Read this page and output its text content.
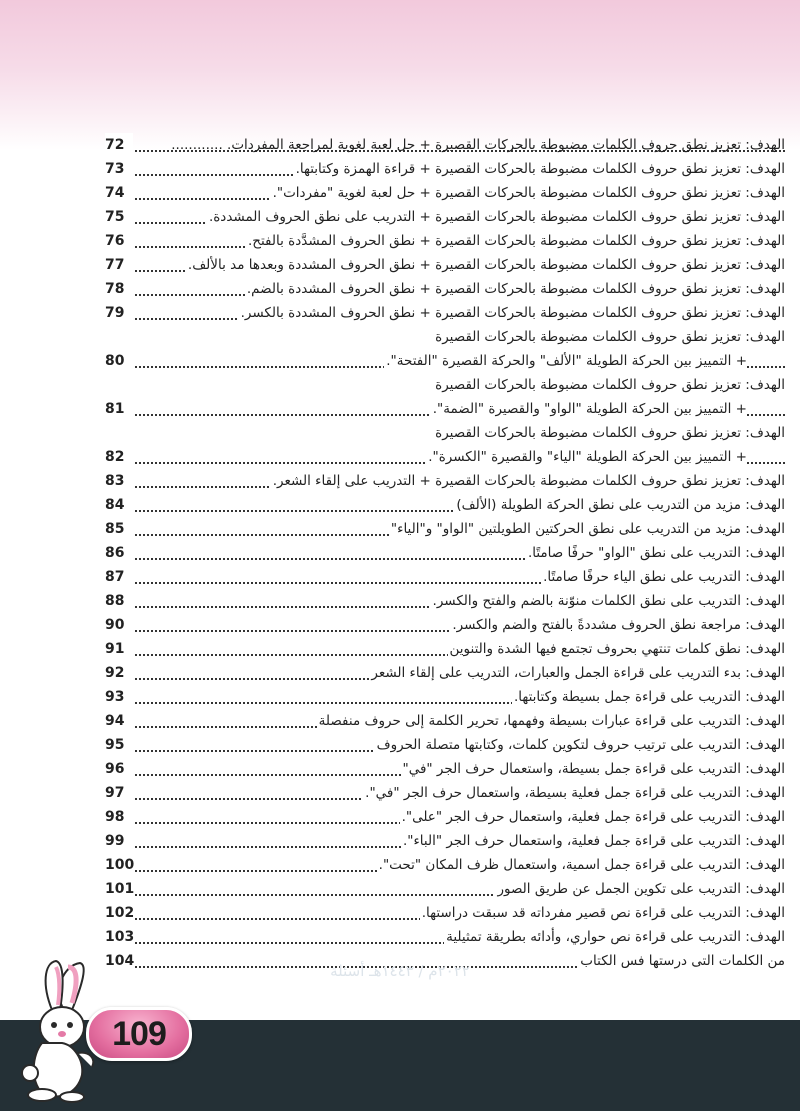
الهدف: تعزيز نطق حروف الكلمات مضبوطة بالحركات القصيرة + حل لعبة لغوية لمراجعة المفردات. ............
72
الهدف: تعزيز نطق حروف الكلمات مضبوطة بالحركات القصيرة + قراءة الهمزة وكتابتها.
73
الهدف: تعزيز نطق حروف الكلمات مضبوطة بالحركات القصيرة + حل لعبة لغوية "مفردات".
74
الهدف: تعزيز نطق حروف الكلمات مضبوطة بالحركات القصيرة + التدريب على نطق الحروف المشددة.
75
الهدف: تعزيز نطق حروف الكلمات مضبوطة بالحركات القصيرة + نطق الحروف المشدَّدة بالفتح.
76
الهدف: تعزيز نطق حروف الكلمات مضبوطة بالحركات القصيرة + نطق الحروف المشددة وبعدها مد بالألف.
77
الهدف: تعزيز نطق حروف الكلمات مضبوطة بالحركات القصيرة + نطق الحروف المشددة بالضم.
78
الهدف: تعزيز نطق حروف الكلمات مضبوطة بالحركات القصيرة + نطق الحروف المشددة بالكسر.
79
الهدف: تعزيز نطق حروف الكلمات مضبوطة بالحركات القصيرة
+ التمييز بين الحركة الطويلة "الألف" والحركة القصيرة "الفتحة".
80
الهدف: تعزيز نطق حروف الكلمات مضبوطة بالحركات القصيرة
+ التمييز بين الحركة الطويلة "الواو" والقصيرة "الضمة".
81
الهدف: تعزيز نطق حروف الكلمات مضبوطة بالحركات القصيرة
+ التمييز بين الحركة الطويلة "الياء" والقصيرة "الكسرة".
82
الهدف: تعزيز نطق حروف الكلمات مضبوطة بالحركات القصيرة + التدريب على إلقاء الشعر.
83
الهدف: مزيد من التدريب على نطق الحركة الطويلة (الألف)
84
الهدف: مزيد من التدريب على نطق الحركتين الطويلتين "الواو" و"الياء"
85
الهدف: التدريب على نطق "الواو" حرفًا صامتًا.
86
الهدف: التدريب على نطق الياء حرفًا صامتًا.
87
الهدف: التدريب على نطق الكلمات منوّنة بالضم والفتح والكسر.
88
الهدف: مراجعة نطق الحروف مشددةً بالفتح والضم والكسر.
90
الهدف: نطق كلمات تنتهي بحروف تجتمع فيها الشدة والتنوين
91
الهدف: بدء التدريب على قراءة الجمل والعبارات، التدريب على إلقاء الشعر
92
الهدف: التدريب على قراءة جمل بسيطة وكتابتها.
93
الهدف: التدريب على قراءة عبارات بسيطة وفهمها، تحرير الكلمة إلى حروف منفصلة
94
الهدف: التدريب على ترتيب حروف لتكوين كلمات، وكتابتها متصلة الحروف
95
الهدف: التدريب على قراءة جمل بسيطة، واستعمال حرف الجر "في"
96
الهدف: التدريب على قراءة جمل فعلية بسيطة، واستعمال حرف الجر "في".
97
الهدف: التدريب على قراءة جمل فعلية، واستعمال حرف الجر "على".
98
الهدف: التدريب على قراءة جمل فعلية، واستعمال حرف الجر "الباء".
99
الهدف: التدريب على قراءة جمل اسمية، واستعمال ظرف المكان "تحت".
100
الهدف: التدريب على تكوين الجمل عن طريق الصور
101
الهدف: التدريب على قراءة نص قصير مفرداته قد سبقت دراستها.
102
الهدف: التدريب على قراءة نص حواري، وأدائه بطريقة تمثيلية
103
من الكلمات التى درستها فس الكتاب
104
٢٠٢٢م / ١٤٤٣هـ أسئلة
109
